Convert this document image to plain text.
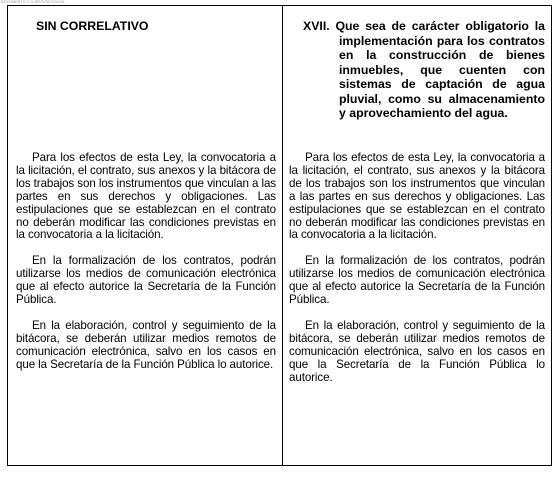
DOCUMENTO Y CUESTIÓN SOCIAL

SIN CORRELATIVO

Para los efectos de esta Ley, la convocatoria a la licitación, el contrato, sus anexos y la bitácora de los trabajos son los instrumentos que vinculan a las partes en sus derechos y obligaciones. Las estipulaciones que se establezcan en el contrato no deberán modificar las condiciones previstas en la convocatoria a la licitación.

En la formalización de los contratos, podrán utilizarse los medios de comunicación electrónica que al efecto autorice la Secretaría de la Función Pública.

En la elaboración, control y seguimiento de la bitácora, se deberán utilizar medios remotos de comunicación electrónica, salvo en los casos en que la Secretaría de la Función Pública lo autorice.

XVII. Que sea de carácter obligatorio la implementación para los contratos en la construcción de bienes inmuebles, que cuenten con sistemas de captación de agua pluvial, como su almacenamiento y aprovechamiento del agua.

Para los efectos de esta Ley, la convocatoria a la licitación, el contrato, sus anexos y la bitácora de los trabajos son los instrumentos que vinculan a las partes en sus derechos y obligaciones. Las estipulaciones que se establezcan en el contrato no deberán modificar las condiciones previstas en la convocatoria a la licitación.

En la formalización de los contratos, podrán utilizarse los medios de comunicación electrónica que al efecto autorice la Secretaría de la Función Pública.

En la elaboración, control y seguimiento de la bitácora, se deberán utilizar medios remotos de comunicación electrónica, salvo en los casos en que la Secretaría de la Función Pública lo autorice.
